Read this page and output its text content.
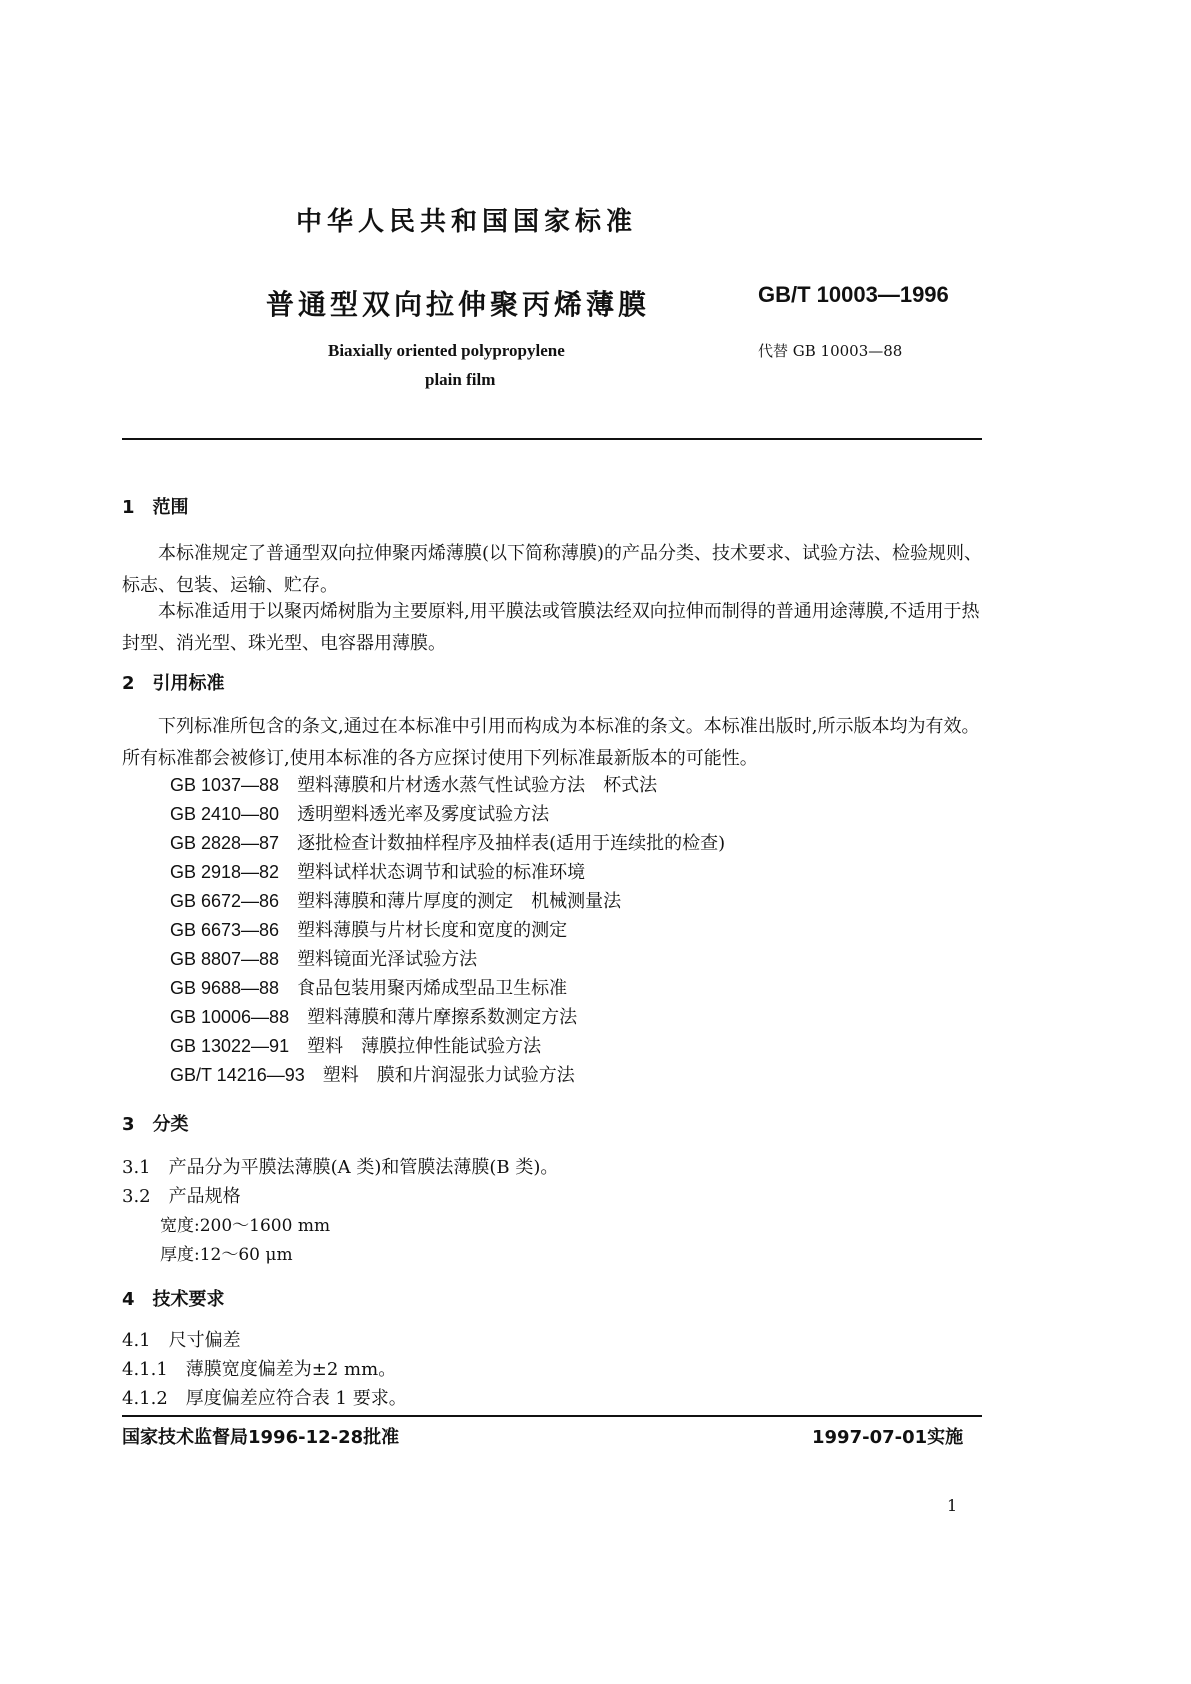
中华人民共和国国家标准
普通型双向拉伸聚丙烯薄膜	GB/T 10003—1996
Biaxially oriented polypropylene
plain film
代替 GB 10003—88
1　范围
本标准规定了普通型双向拉伸聚丙烯薄膜(以下简称薄膜)的产品分类、技术要求、试验方法、检验规则、标志、包装、运输、贮存。
本标准适用于以聚丙烯树脂为主要原料,用平膜法或管膜法经双向拉伸而制得的普通用途薄膜,不适用于热封型、消光型、珠光型、电容器用薄膜。
2　引用标准
下列标准所包含的条文,通过在本标准中引用而构成为本标准的条文。本标准出版时,所示版本均为有效。所有标准都会被修订,使用本标准的各方应探讨使用下列标准最新版本的可能性。
GB 1037—88 塑料薄膜和片材透水蒸气性试验方法　杯式法
GB 2410—80 透明塑料透光率及雾度试验方法
GB 2828—87 逐批检查计数抽样程序及抽样表(适用于连续批的检查)
GB 2918—82 塑料试样状态调节和试验的标准环境
GB 6672—86 塑料薄膜和薄片厚度的测定　机械测量法
GB 6673—86 塑料薄膜与片材长度和宽度的测定
GB 8807—88 塑料镜面光泽试验方法
GB 9688—88 食品包装用聚丙烯成型品卫生标准
GB 10006—88 塑料薄膜和薄片摩擦系数测定方法
GB 13022—91 塑料　薄膜拉伸性能试验方法
GB/T 14216—93 塑料　膜和片润湿张力试验方法
3　分类
3.1　产品分为平膜法薄膜(A 类)和管膜法薄膜(B 类)。
3.2　产品规格
宽度:200～1600 mm
厚度:12～60 μm
4　技术要求
4.1　尺寸偏差
4.1.1　薄膜宽度偏差为±2 mm。
4.1.2　厚度偏差应符合表 1 要求。
国家技术监督局1996-12-28批准	1997-07-01实施
1
